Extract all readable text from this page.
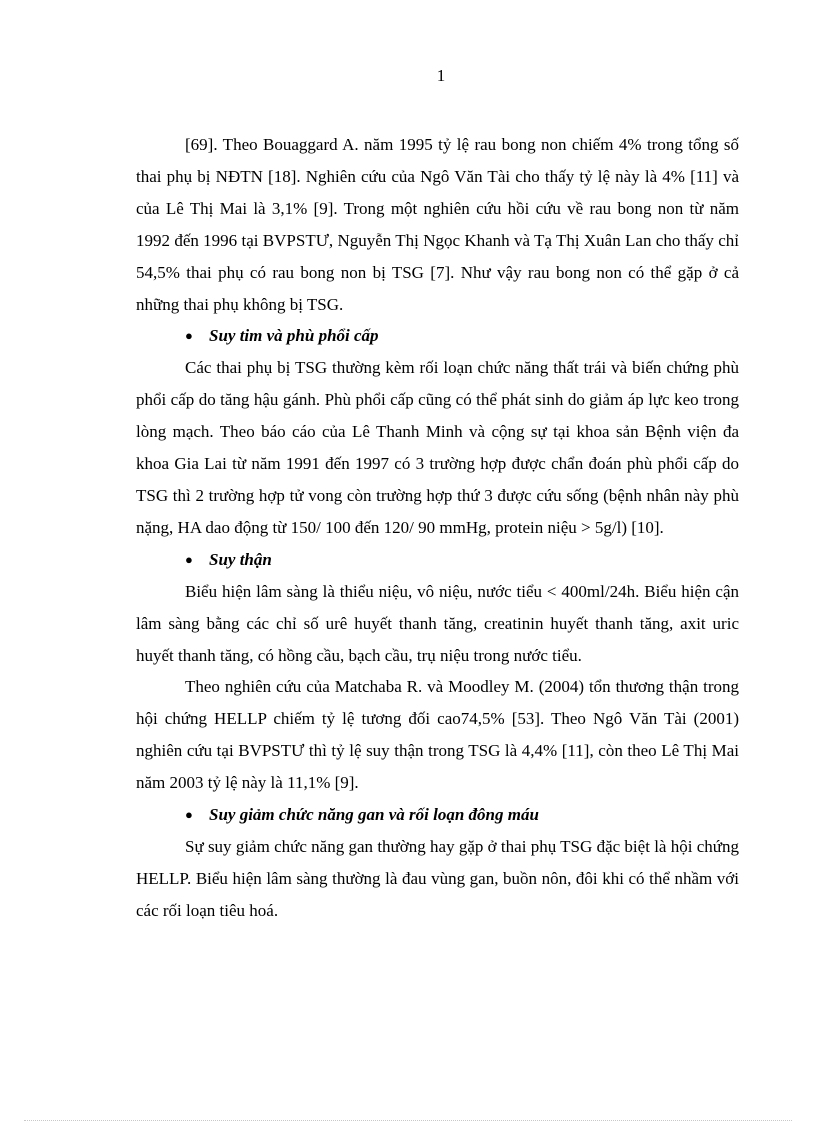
1

[69]. Theo Bouaggard A. năm 1995 tỷ lệ rau bong non chiếm 4% trong tổng số thai phụ bị NĐTN [18]. Nghiên cứu của Ngô Văn Tài cho thấy tỷ lệ này là 4% [11] và của Lê Thị Mai là 3,1% [9]. Trong một nghiên cứu hồi cứu về rau bong non từ năm 1992 đến 1996 tại BVPSTƯ, Nguyễn Thị Ngọc Khanh và Tạ Thị Xuân Lan cho thấy chỉ 54,5% thai phụ có rau bong non bị TSG [7]. Như vậy rau bong non có thể gặp ở cả những thai phụ không bị TSG.

● Suy tim và phù phổi cấp

Các thai phụ bị TSG thường kèm rối loạn chức năng thất trái và biến chứng phù phổi cấp do tăng hậu gánh. Phù phổi cấp cũng có thể phát sinh do giảm áp lực keo trong lòng mạch. Theo báo cáo của Lê Thanh Minh và cộng sự tại khoa sản Bệnh viện đa khoa Gia Lai từ năm 1991 đến 1997 có 3 trường hợp được chẩn đoán phù phổi cấp do TSG thì 2 trường hợp tử vong còn trường hợp thứ 3 được cứu sống (bệnh nhân này phù nặng, HA dao động từ 150/ 100 đến 120/ 90 mmHg, protein niệu > 5g/l) [10].

● Suy thận

Biểu hiện lâm sàng là thiểu niệu, vô niệu, nước tiểu < 400ml/24h. Biểu hiện cận lâm sàng bằng các chỉ số urê huyết thanh tăng, creatinin huyết thanh tăng, axit uric huyết thanh tăng, có hồng cầu, bạch cầu, trụ niệu trong nước tiểu.

Theo nghiên cứu của Matchaba R. và Moodley M. (2004) tổn thương thận trong hội chứng HELLP chiếm tỷ lệ tương đối cao74,5% [53]. Theo Ngô Văn Tài (2001) nghiên cứu tại BVPSTƯ thì tỷ lệ suy thận trong TSG là 4,4% [11], còn theo Lê Thị Mai năm 2003 tỷ lệ này là 11,1% [9].

● Suy giảm chức năng gan và rối loạn đông máu

Sự suy giảm chức năng gan thường hay gặp ở thai phụ TSG đặc biệt là hội chứng HELLP. Biểu hiện lâm sàng thường là đau vùng gan, buồn nôn, đôi khi có thể nhầm với các rối loạn tiêu hoá.
